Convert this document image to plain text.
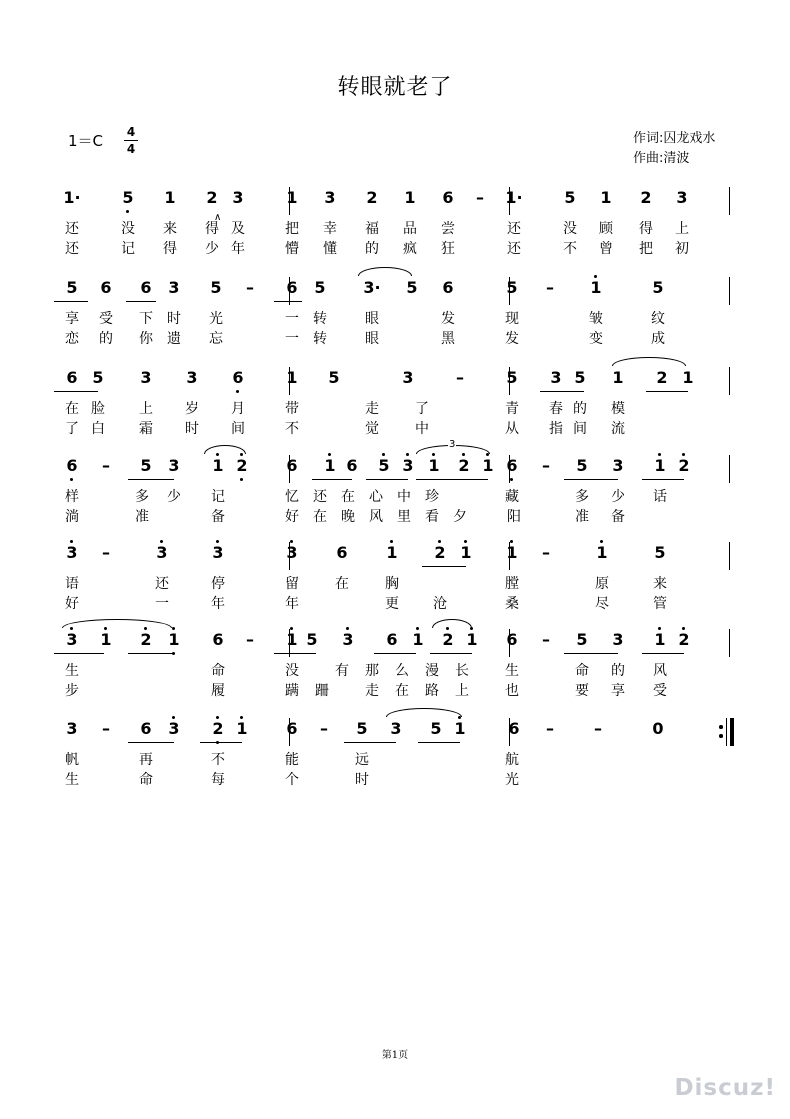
转眼就老了
1＝C 4
4
作词:囚龙戏水
作曲:清波
1·	5 1 2 3	1 3 2 1 6	–	1·	5 1 2 3
∧
还	没 来 得 及	把 幸 福 品 尝	还	没 顾 得 上
还	记 得 少 年	懵 懂 的 疯 狂	还	不 曾 把 初
5 6 6 3 5	–	6 5 3· 5 6	5	–	1	5
享 受 下 时 光	一 转	眼	发	现	皱	纹
恋 的 你 遗 忘	一 转	眼	黑	发	变	成
6 5 3 3 6	1 5	3	–	5 3 5 1 2 1
在 脸 上 岁 月	带	走	了	青 春 的 模
了 白 霜 时 间	不	觉	中	从 指 间 流
6	–	5 3 1 2 6 1 6 5 3 1 2 1 6	–	5 3 1 2
3
样	多 少 记	忆 还 在 心 中 珍	藏	多 少 话
淌	准	备	好 在 晚 风 里 看 夕	阳	准 备
3	–	3	3	3 6 1 2 1 1	–	1	5
语	还	停	留	在	胸	膛	原	来
好	一	年	年	更 沧	桑	尽	管
3 1 2 1 6	–	1 5 3 6 1 2 1 6	–	5 3 1 2
生	命	没	有 那 么 漫 长	生	命 的 风
步	履	蹒 跚	走 在 路 上	也	要 享 受
3	–	6 3 2 1 6	–	5 3 5 1	6	–	–	0
帆	再	不	能	远	航
生	命	每	个	时	光
第1页
Discuz!
